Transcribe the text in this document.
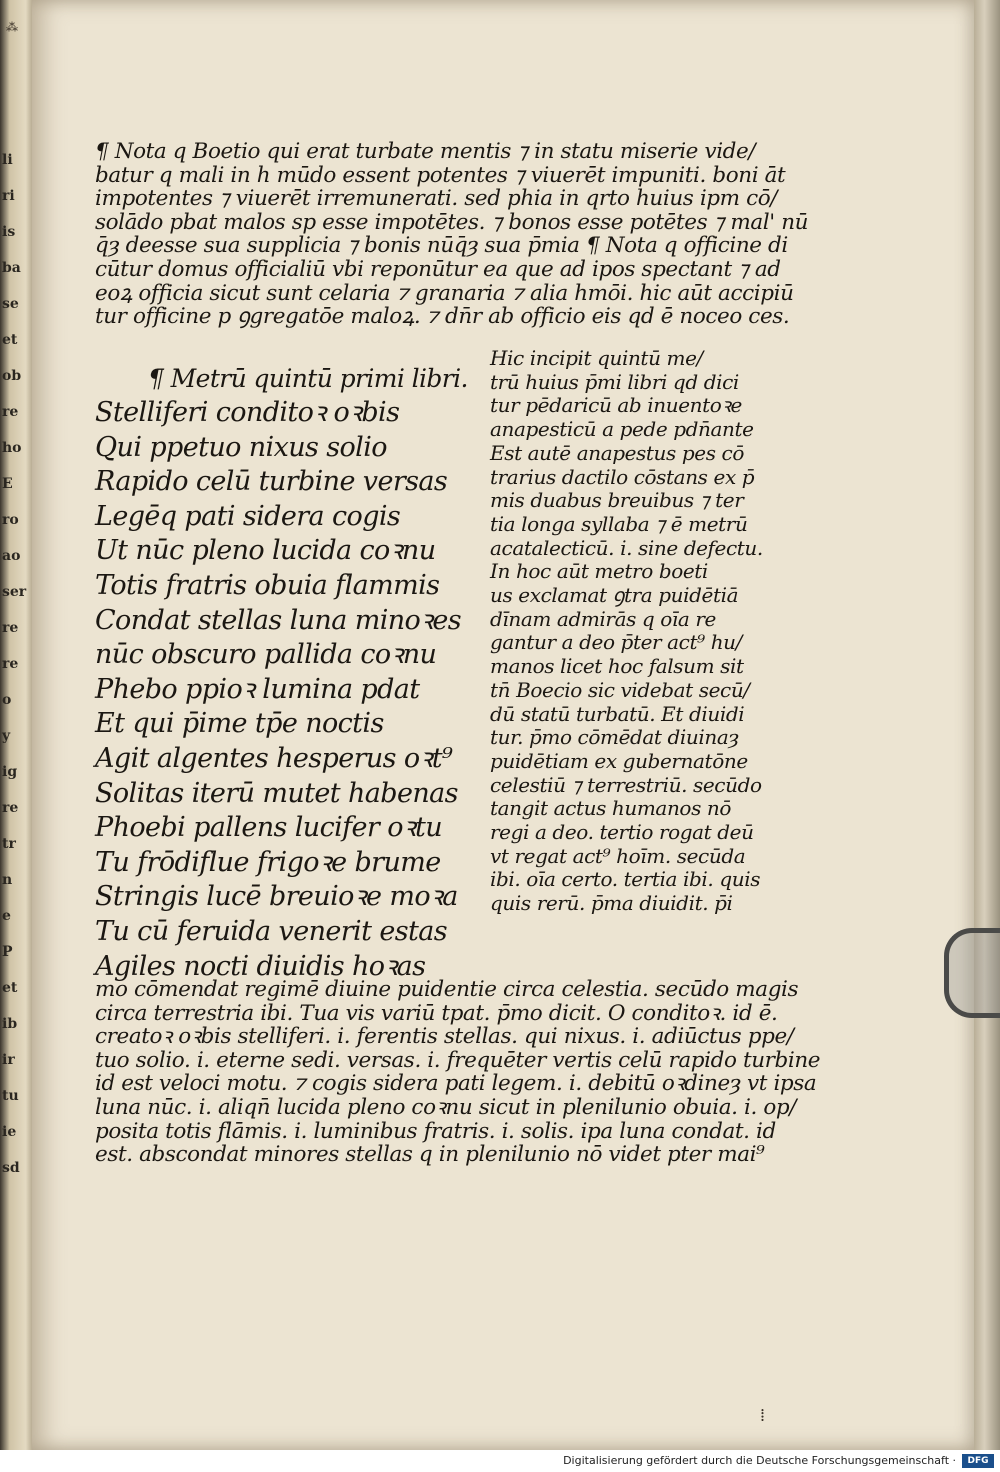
⁂
⁞
li
ri
is
ba
se
et
ob
re
ho
E
ro
ao
ser
re
re
o
y
ig
re
tr
n
e
P
et
ib
ir
tu
ie
sd
¶ Nota q Boetio qui erat turbate mentis ⁊ in statu miserie vide/
batur q mali in h mūdo essent potentes ⁊ viuerēt impuniti. boni āt
impotentes ⁊ viuerēt irremunerati. sed phia in qrto huius ipm cō/
solādo pbat malos sp esse impotētes. ⁊ bonos esse potētes ⁊ mal' nū
q̄ȝ deesse sua supplicia ⁊ bonis nūq̄ȝ sua p̄mia ¶ Nota q officine di
cūtur domus officialiū vbi reponūtur ea que ad ipos spectant ⁊ ad
eoꝝ officia sicut sunt celaria ⁊ granaria ⁊ alia hmōi. hic aūt accipiū
tur officine p ꝯgregatōe maloꝝ. ⁊ dn̄r ab officio eis qd ē noceo ces.
¶ Metrū quintū primi libri.
Stelliferi conditoꝛ oꝛbis
Qui ppetuo nixus solio
Rapido celū turbine versas
Legēq pati sidera cogis
Ut nūc pleno lucida coꝛnu
Totis fratris obuia flammis
Condat stellas luna minoꝛes
nūc obscuro pallida coꝛnu
Phebo ppioꝛ lumina pdat
Et qui p̄ime tp̄e noctis
Agit algentes hesperus oꝛt⁹
Solitas iterū mutet habenas
Phoebi pallens lucifer oꝛtu
Tu frōdiflue frigoꝛe brume
Stringis lucē breuioꝛe moꝛa
Tu cū feruida venerit estas
Agiles nocti diuidis hoꝛas
Hic incipit quintū me/
trū huius p̄mi libri qd dici
tur pēdaricū ab inuentoꝛe
anapesticū a pede pdn̄ante
Est autē anapestus pes cō
trarius dactilo cōstans ex p̄
mis duabus breuibus ⁊ ter
tia longa syllaba ⁊ ē metrū
acatalecticū. i. sine defectu.
In hoc aūt metro boeti
us exclamat ꝯtra puidētiā
dīnam admirās q oīa re
gantur a deo p̄ter act⁹ hu/
manos licet hoc falsum sit
tn̄ Boecio sic videbat secū/
dū statū turbatū. Et diuidi
tur. p̄mo cōmēdat diuinaȝ
puidētiam ex gubernatōne
celestiū ⁊ terrestriū. secūdo
tangit actus humanos nō
regi a deo. tertio rogat deū
vt regat act⁹ hoīm. secūda
ibi. oīa certo. tertia ibi. quis
quis rerū. p̄ma diuidit. p̄i
mo cōmendat regimē diuine puidentie circa celestia. secūdo magis
circa terrestria ibi. Tua vis variū tpat. p̄mo dicit. O conditoꝛ. id ē.
creatoꝛ oꝛbis stelliferi. i. ferentis stellas. qui nixus. i. adiūctus ppe/
tuo solio. i. eterne sedi. versas. i. frequēter vertis celū rapido turbine
id est veloci motu. ⁊ cogis sidera pati legem. i. debitū oꝛdineȝ vt ipsa
luna nūc. i. aliqn̄ lucida pleno coꝛnu sicut in plenilunio obuia. i. op/
posita totis flāmis. i. luminibus fratris. i. solis. ipa luna condat. id
est. abscondat minores stellas q in plenilunio nō videt pter mai⁹
Digitalisierung gefördert durch die Deutsche Forschungsgemeinschaft ·	DFG
